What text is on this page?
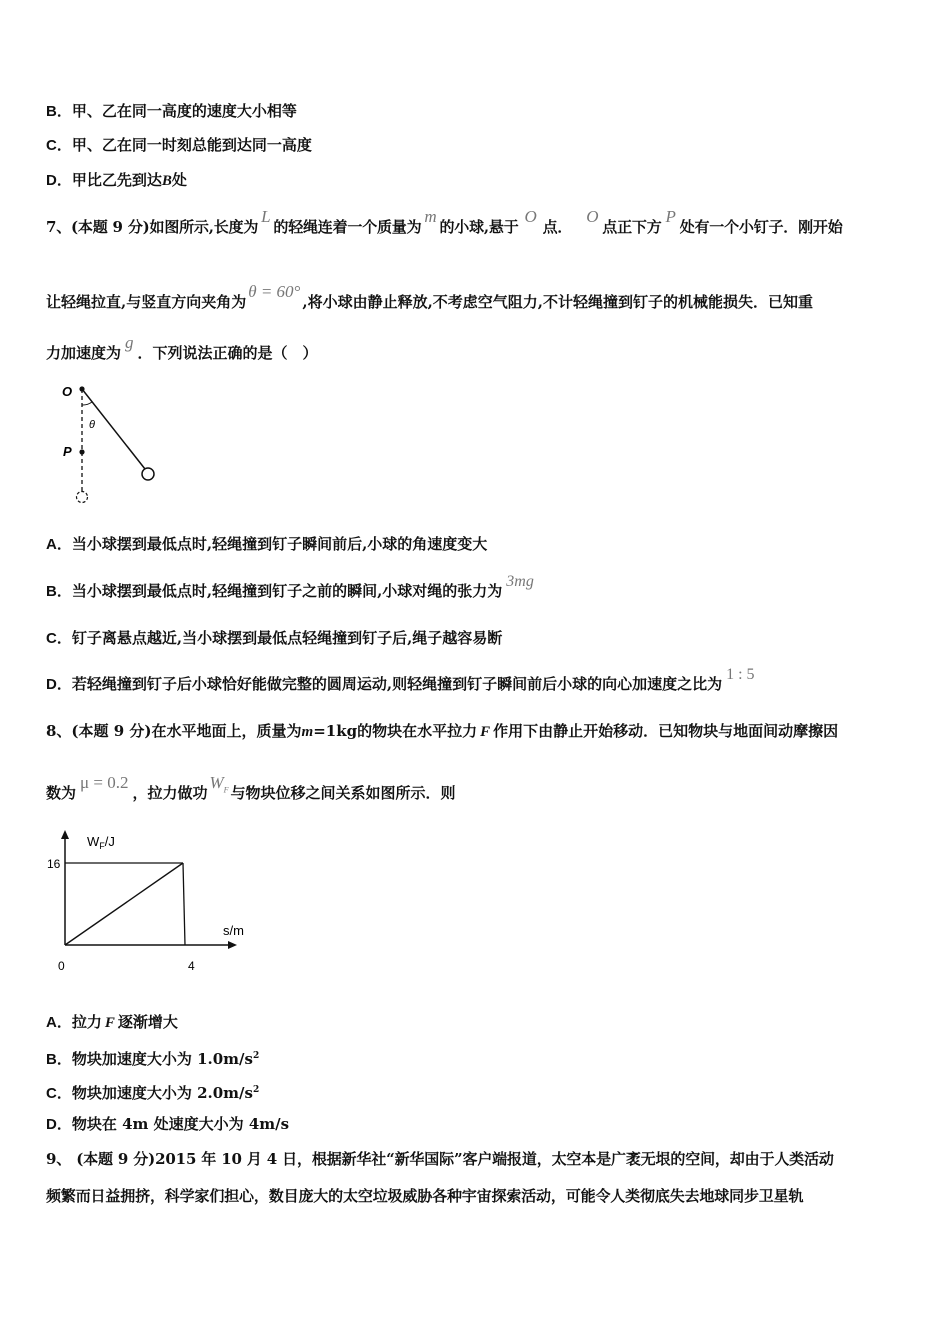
B．甲、乙在同一高度的速度大小相等
C．甲、乙在同一时刻总能到达同一高度
D．甲比乙先到达B处
7、(本题 9 分)如图所示,长度为L的轻绳连着一个质量为m的小球,悬于O点．O点正下方P处有一个小钉子．刚开始
让轻绳拉直,与竖直方向夹角为θ = 60°,将小球由静止释放,不考虑空气阻力,不计轻绳撞到钉子的机械能损失．已知重
力加速度为g．下列说法正确的是（　）
O
θ
P
A．当小球摆到最低点时,轻绳撞到钉子瞬间前后,小球的角速度变大
B．当小球摆到最低点时,轻绳撞到钉子之前的瞬间,小球对绳的张力为3mg
C．钉子离悬点越近,当小球摆到最低点轻绳撞到钉子后,绳子越容易断
D．若轻绳撞到钉子后小球恰好能做完整的圆周运动,则轻绳撞到钉子瞬间前后小球的向心加速度之比为1 : 5
8、(本题 9 分)在水平地面上，质量为m=1kg的物块在水平拉力 F 作用下由静止开始移动．已知物块与地面间动摩擦因
数为μ = 0.2，拉力做功$W_F$ 与物块位移之间关系如图所示．则
$W_F/J$
s/m
16
0	4
A．拉力 F 逐渐增大
B．物块加速度大小为 $1.0m/s^2$
C．物块加速度大小为 $2.0m/s^2$
D．物块在 4m 处速度大小为 4m/s
9、 (本题 9 分)2015 年 10 月 4 日，根据新华社“新华国际”客户端报道，太空本是广袤无垠的空间，却由于人类活动
频繁而日益拥挤，科学家们担心，数目庞大的太空垃圾威胁各种宇宙探索活动，可能令人类彻底失去地球同步卫星轨
